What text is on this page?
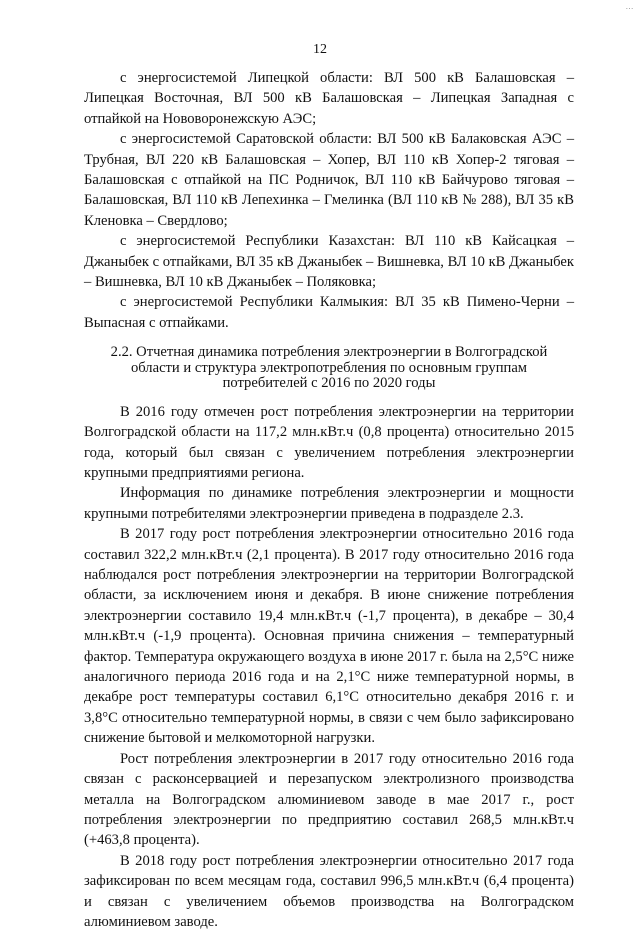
…
12

с энергосистемой Липецкой области: ВЛ 500 кВ Балашовская – Липецкая Восточная, ВЛ 500 кВ Балашовская – Липецкая Западная с отпайкой на Нововоронежскую АЭС;

с энергосистемой Саратовской области: ВЛ 500 кВ Балаковская АЭС – Трубная, ВЛ 220 кВ Балашовская – Хопер, ВЛ 110 кВ Хопер-2 тяговая – Балашовская с отпайкой на ПС Родничок, ВЛ 110 кВ Байчурово тяговая – Балашовская, ВЛ 110 кВ Лепехинка – Гмелинка (ВЛ 110 кВ № 288), ВЛ 35 кВ Кленовка – Свердлово;

с энергосистемой Республики Казахстан: ВЛ 110 кВ Кайсацкая – Джаныбек с отпайками, ВЛ 35 кВ Джаныбек – Вишневка, ВЛ 10 кВ Джаныбек – Вишневка, ВЛ 10 кВ Джаныбек – Поляковка;

с энергосистемой Республики Калмыкия: ВЛ 35 кВ Пимено-Черни – Выпасная с отпайками.

2.2. Отчетная динамика потребления электроэнергии в Волгоградской
области и структура электропотребления по основным группам
потребителей с 2016 по 2020 годы

В 2016 году отмечен рост потребления электроэнергии на территории Волгоградской области на 117,2 млн.кВт.ч (0,8 процента) относительно 2015 года, который был связан с увеличением потребления электроэнергии крупными предприятиями региона.

Информация по динамике потребления электроэнергии и мощности крупными потребителями электроэнергии приведена в подразделе 2.3.

В 2017 году рост потребления электроэнергии относительно 2016 года составил 322,2 млн.кВт.ч (2,1 процента). В 2017 году относительно 2016 года наблюдался рост потребления электроэнергии на территории Волгоградской области, за исключением июня и декабря. В июне снижение потребления электроэнергии составило 19,4 млн.кВт.ч (-1,7 процента), в декабре – 30,4 млн.кВт.ч (-1,9 процента). Основная причина снижения – температурный фактор. Температура окружающего воздуха в июне 2017 г. была на 2,5°С ниже аналогичного периода 2016 года и на 2,1°С ниже температурной нормы, в декабре рост температуры составил 6,1°С относительно декабря 2016 г. и 3,8°С относительно температурной нормы, в связи с чем было зафиксировано снижение бытовой и мелкомоторной нагрузки.

Рост потребления электроэнергии в 2017 году относительно 2016 года связан с расконсервацией и перезапуском электролизного производства металла на Волгоградском алюминиевом заводе в мае 2017 г., рост потребления электроэнергии по предприятию составил 268,5 млн.кВт.ч (+463,8 процента).

В 2018 году рост потребления электроэнергии относительно 2017 года зафиксирован по всем месяцам года, составил 996,5 млн.кВт.ч (6,4 процента) и связан с увеличением объемов производства на Волгоградском алюминиевом заводе.
